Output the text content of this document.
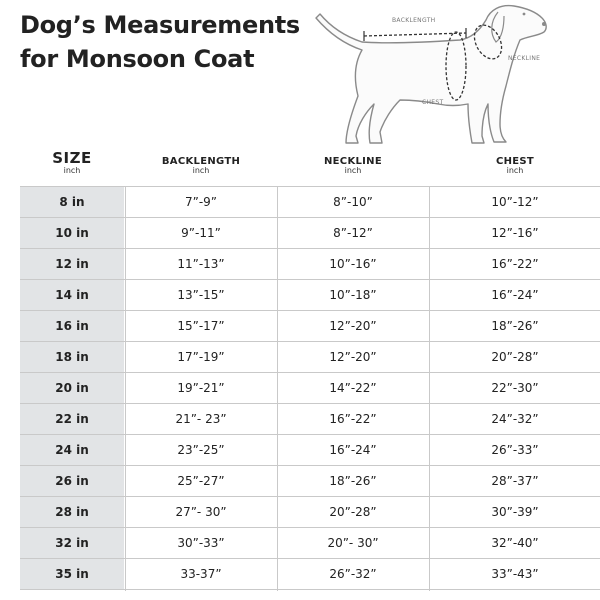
Dog’s Measurements
for Monsoon Coat
BACKLENGTH
NECKLINE
CHEST
SIZE
inch
BACKLENGTH
inch
NECKLINE
inch
CHEST
inch
8 in	7”-9”	8”-10”	10”-12”
10 in	9”-11”	8”-12”	12”-16”
12 in	11”-13”	10”-16”	16”-22”
14 in	13”-15”	10”-18”	16”-24”
16 in	15”-17”	12”-20”	18”-26”
18 in	17”-19”	12”-20”	20”-28”
20 in	19”-21”	14”-22”	22”-30”
22 in	21”- 23”	16”-22”	24”-32”
24 in	23”-25”	16”-24”	26”-33”
26 in	25”-27”	18”-26”	28”-37”
28 in	27”- 30”	20”-28”	30”-39”
32 in	30”-33”	20”- 30”	32”-40”
35 in	33-37”	26”-32”	33”-43”
